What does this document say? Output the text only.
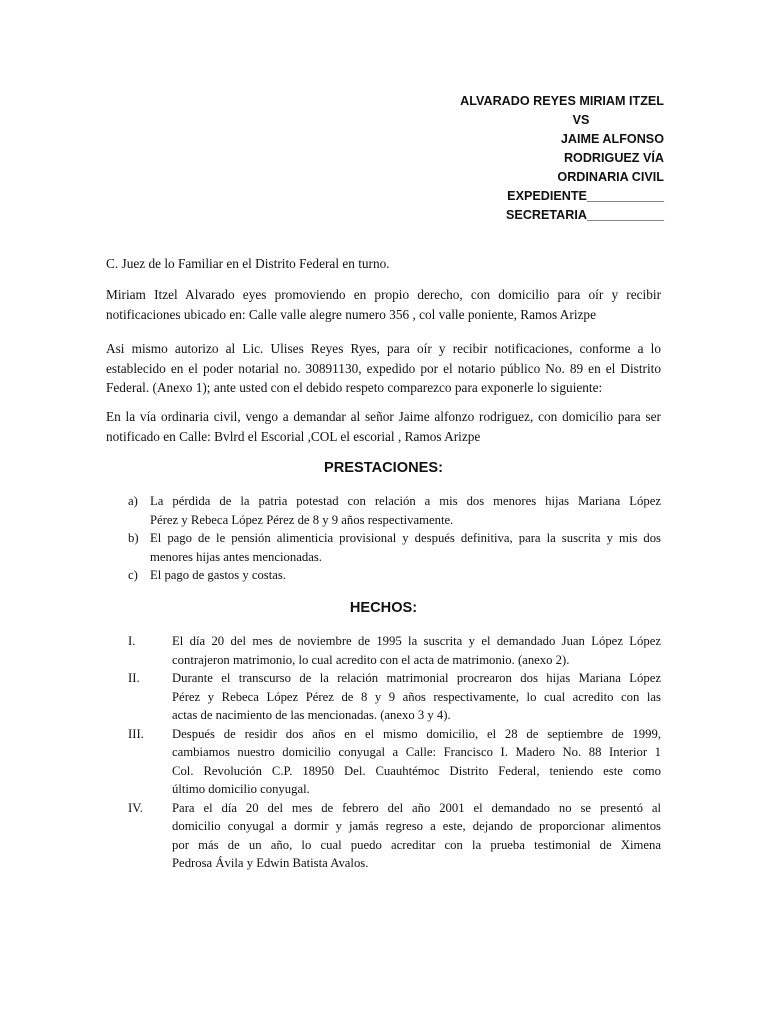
ALVARADO REYES MIRIAM ITZEL
VS
JAIME ALFONSO
RODRIGUEZ VÍA
ORDINARIA CIVIL
EXPEDIENTE___________
SECRETARIA___________
C. Juez de lo Familiar en el Distrito Federal en turno.
Miriam Itzel Alvarado eyes promoviendo en propio derecho, con domicilio para oír y recibir
notificaciones ubicado en: Calle valle alegre numero 356 , col valle poniente, Ramos Arizpe
Asi mismo autorizo al Lic. Ulises Reyes Ryes, para oír y recibir notificaciones, conforme a lo
establecido en el poder notarial no. 30891130, expedido por el notario público No. 89 en el Distrito
Federal. (Anexo 1); ante usted con el debido respeto comparezco para exponerle lo siguiente:
En la vía ordinaria civil, vengo a demandar al señor Jaime alfonzo rodriguez, con domicilio para ser
notificado en Calle: Bvlrd el Escorial ,COL el escorial , Ramos Arizpe
PRESTACIONES:
a) La pérdida de la patria potestad con relación a mis dos menores hijas Mariana López
Pérez y Rebeca López Pérez de 8 y 9 años respectivamente.
b) El pago de le pensión alimenticia provisional y después definitiva, para la suscrita y mis dos
menores hijas antes mencionadas.
c) El pago de gastos y costas.
HECHOS:
I.	El día 20 del mes de noviembre de 1995 la suscrita y el demandado Juan López López
contrajeron matrimonio, lo cual acredito con el acta de matrimonio. (anexo 2).
II.	Durante el transcurso de la relación matrimonial procrearon dos hijas Mariana López
Pérez y Rebeca López Pérez de 8 y 9 años respectivamente, lo cual acredito con las
actas de nacimiento de las mencionadas. (anexo 3 y 4).
III. Después de residir dos años en el mismo domicilio, el 28 de septiembre de 1999,
cambiamos nuestro domicilio conyugal a Calle: Francisco I. Madero No. 88 Interior 1
Col. Revolución C.P. 18950 Del. Cuauhtémoc Distrito Federal, teniendo este como
último domicilio conyugal.
IV. Para el día 20 del mes de febrero del año 2001 el demandado no se presentó al
domicilio conyugal a dormir y jamás regreso a este, dejando de proporcionar alimentos
por más de un año, lo cual puedo acreditar con la prueba testimonial de Ximena
Pedrosa Ávila y Edwin Batista Avalos.
